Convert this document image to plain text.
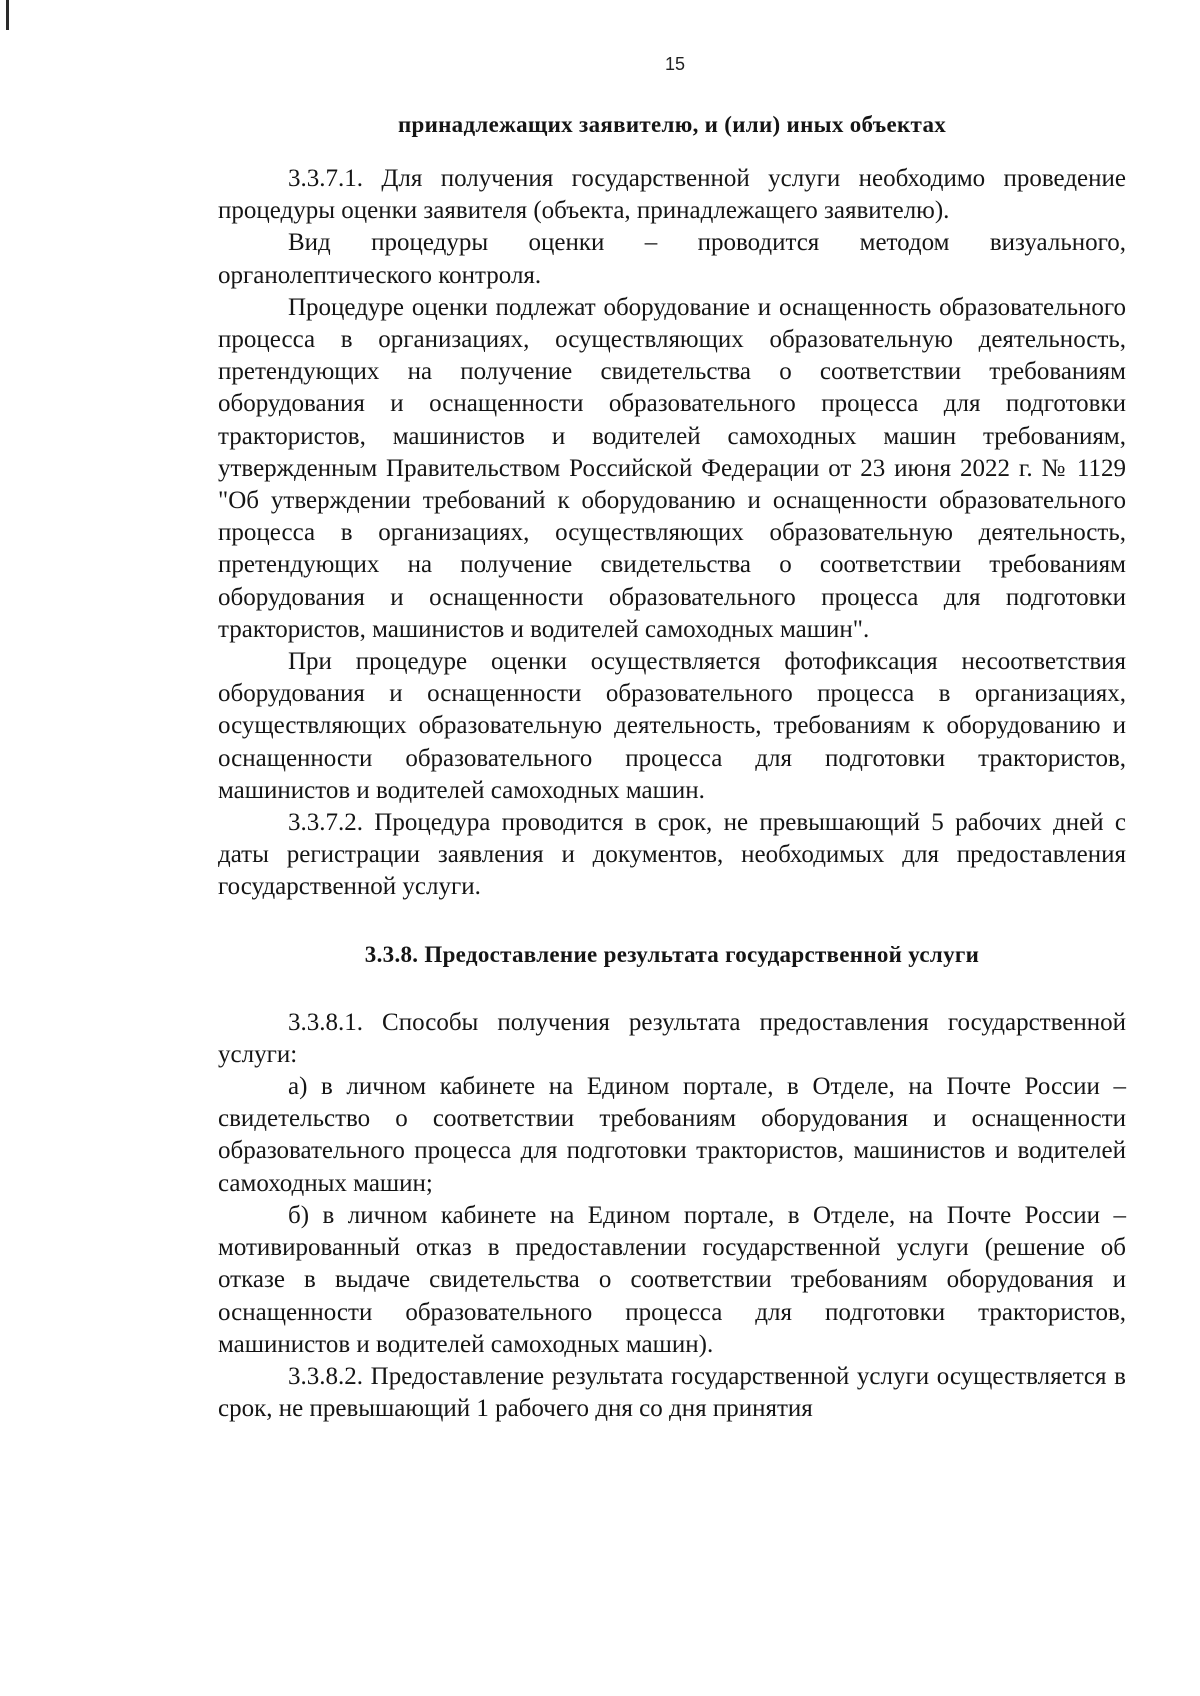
15
принадлежащих заявителю, и (или) иных объектах

3.3.7.1. Для получения государственной услуги необходимо проведение процедуры оценки заявителя (объекта, принадлежащего заявителю).

Вид процедуры оценки – проводится методом визуального, органолептического контроля.

Процедуре оценки подлежат оборудование и оснащенность образовательного процесса в организациях, осуществляющих образовательную деятельность, претендующих на получение свидетельства о соответствии требованиям оборудования и оснащенности образовательного процесса для подготовки трактористов, машинистов и водителей самоходных машин требованиям, утвержденным Правительством Российской Федерации от 23 июня 2022 г. № 1129 "Об утверждении требований к оборудованию и оснащенности образовательного процесса в организациях, осуществляющих образовательную деятельность, претендующих на получение свидетельства о соответствии требованиям оборудования и оснащенности образовательного процесса для подготовки трактористов, машинистов и водителей самоходных машин".

При процедуре оценки осуществляется фотофиксация несоответствия оборудования и оснащенности образовательного процесса в организациях, осуществляющих образовательную деятельность, требованиям к оборудованию и оснащенности образовательного процесса для подготовки трактористов, машинистов и водителей самоходных машин.

3.3.7.2. Процедура проводится в срок, не превышающий 5 рабочих дней с даты регистрации заявления и документов, необходимых для предоставления государственной услуги.

3.3.8. Предоставление результата государственной услуги

3.3.8.1. Способы получения результата предоставления государственной услуги:

а) в личном кабинете на Едином портале, в Отделе, на Почте России – свидетельство о соответствии требованиям оборудования и оснащенности образовательного процесса для подготовки трактористов, машинистов и водителей самоходных машин;

б) в личном кабинете на Едином портале, в Отделе, на Почте России – мотивированный отказ в предоставлении государственной услуги (решение об отказе в выдаче свидетельства о соответствии требованиям оборудования и оснащенности образовательного процесса для подготовки трактористов, машинистов и водителей самоходных машин).

3.3.8.2. Предоставление результата государственной услуги осуществляется в срок, не превышающий 1 рабочего дня со дня принятия
